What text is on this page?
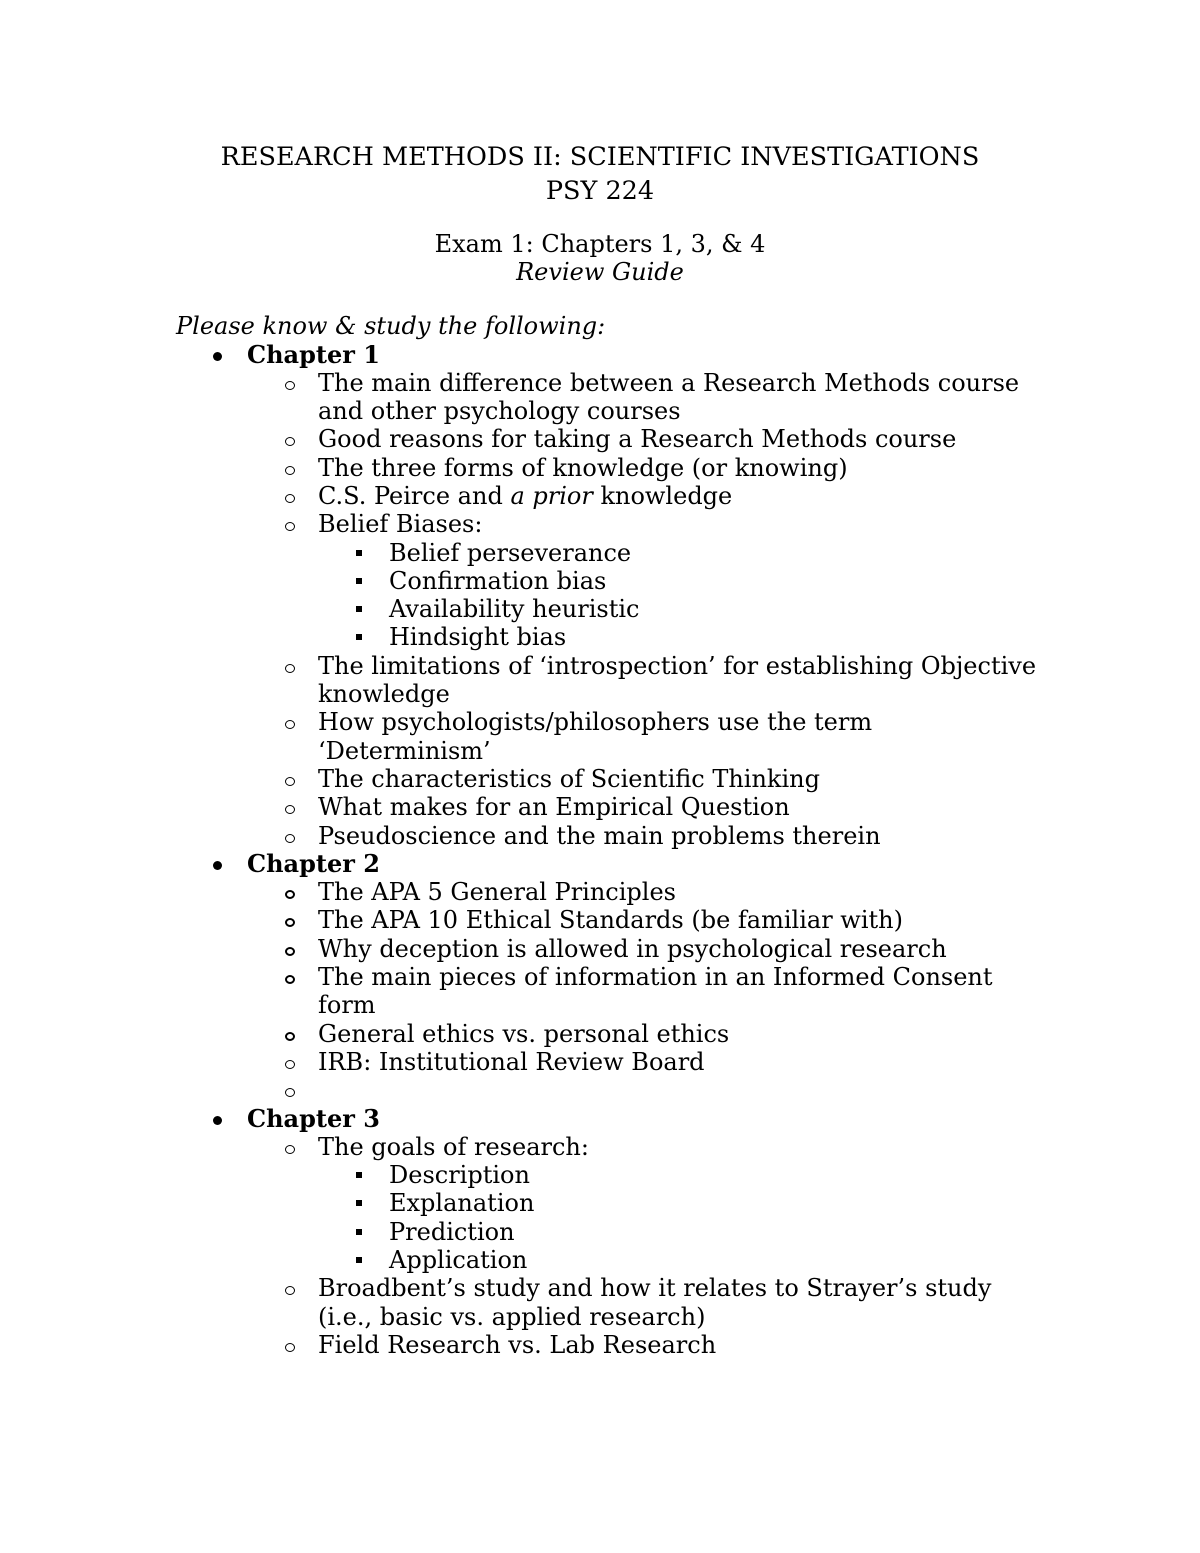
RESEARCH METHODS II: SCIENTIFIC INVESTIGATIONS
PSY 224
Exam 1: Chapters 1, 3, & 4
Review Guide
Please know & study the following:
Chapter 1
The main difference between a Research Methods course
and other psychology courses
Good reasons for taking a Research Methods course
The three forms of knowledge (or knowing)
C.S. Peirce and a prior knowledge
Belief Biases:
Belief perseverance
Confirmation bias
Availability heuristic
Hindsight bias
The limitations of ‘introspection’ for establishing Objective
knowledge
How psychologists/philosophers use the term
‘Determinism’
The characteristics of Scientific Thinking
What makes for an Empirical Question
Pseudoscience and the main problems therein
Chapter 2
The APA 5 General Principles
The APA 10 Ethical Standards (be familiar with)
Why deception is allowed in psychological research
The main pieces of information in an Informed Consent
form
General ethics vs. personal ethics
IRB: Institutional Review Board
Chapter 3
The goals of research:
Description
Explanation
Prediction
Application
Broadbent’s study and how it relates to Strayer’s study
(i.e., basic vs. applied research)
Field Research vs. Lab Research
